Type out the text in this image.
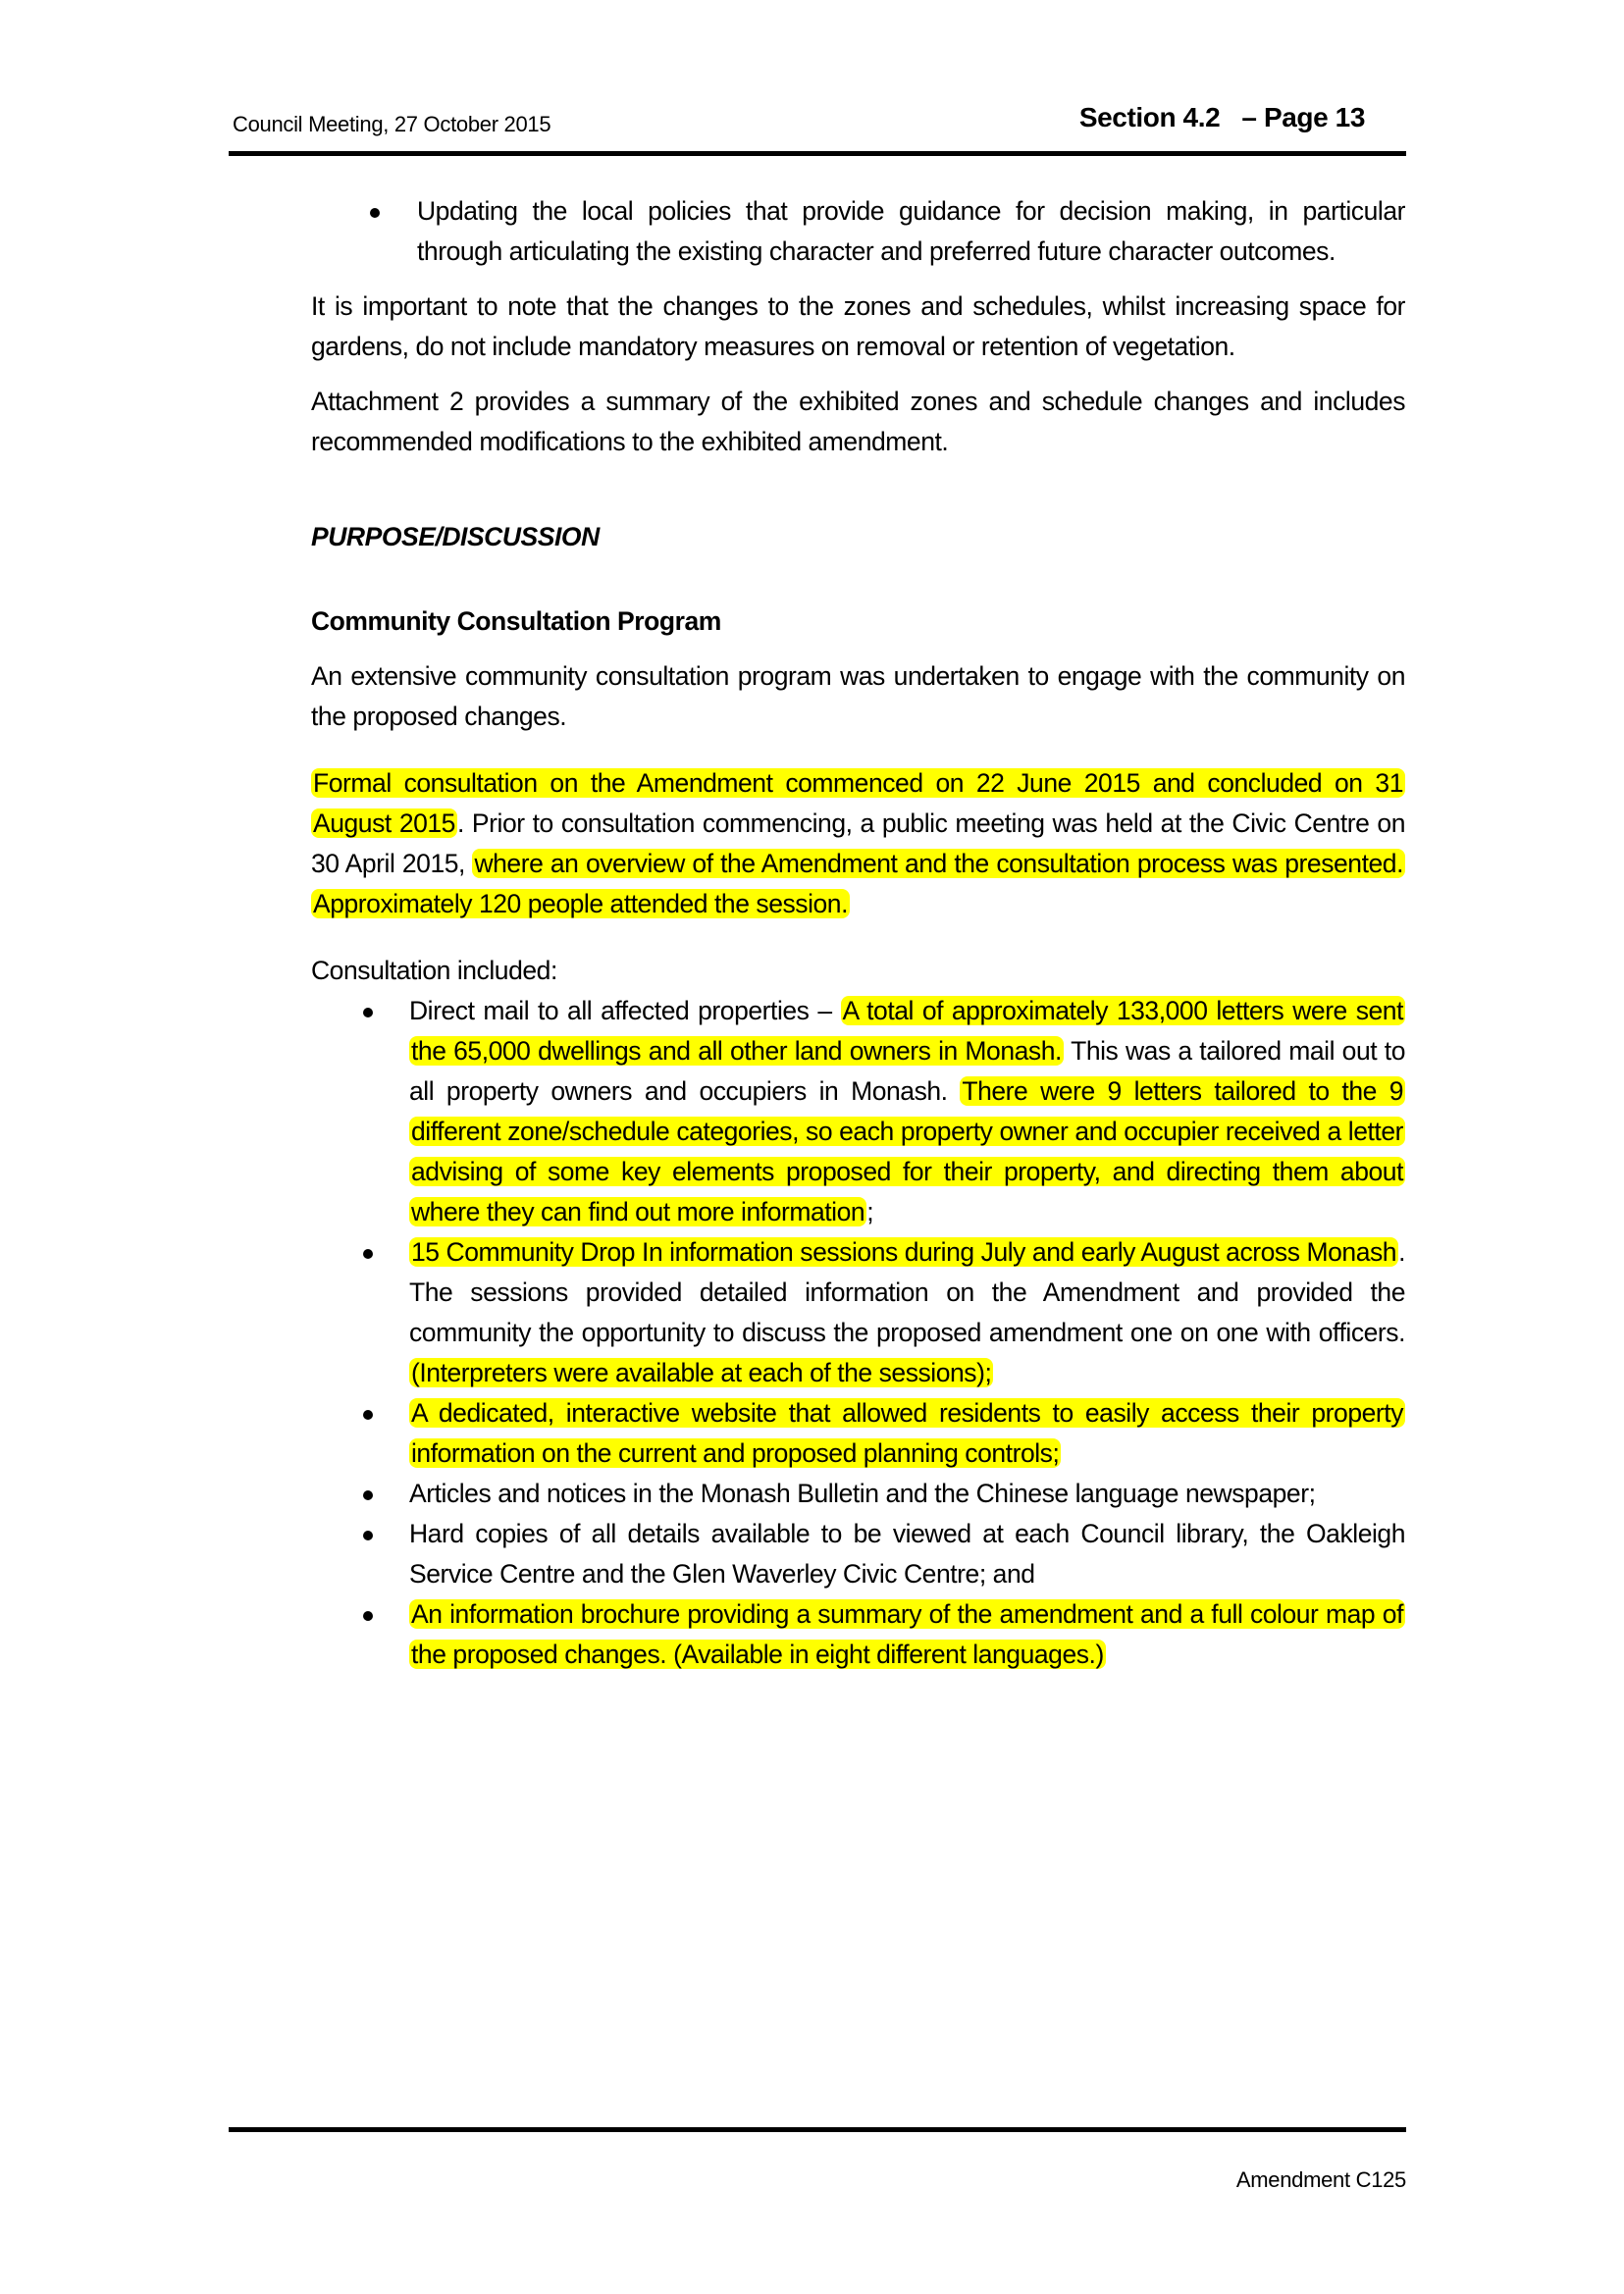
Council Meeting, 27 October 2015	Section 4.2   – Page 13
Updating the local policies that provide guidance for decision making, in particular through articulating the existing character and preferred future character outcomes.

It is important to note that the changes to the zones and schedules, whilst increasing space for gardens, do not include mandatory measures on removal or retention of vegetation.

Attachment 2 provides a summary of the exhibited zones and schedule changes and includes recommended modifications to the exhibited amendment.

PURPOSE/DISCUSSION

Community Consultation Program

An extensive community consultation program was undertaken to engage with the community on the proposed changes.

Formal consultation on the Amendment commenced on 22 June 2015 and concluded on 31 August 2015. Prior to consultation commencing, a public meeting was held at the Civic Centre on 30 April 2015, where an overview of the Amendment and the consultation process was presented. Approximately 120 people attended the session.

Consultation included:

Direct mail to all affected properties – A total of approximately 133,000 letters were sent the 65,000 dwellings and all other land owners in Monash. This was a tailored mail out to all property owners and occupiers in Monash. There were 9 letters tailored to the 9 different zone/schedule categories, so each property owner and occupier received a letter advising of some key elements proposed for their property, and directing them about where they can find out more information;
15 Community Drop In information sessions during July and early August across Monash. The sessions provided detailed information on the Amendment and provided the community the opportunity to discuss the proposed amendment one on one with officers. (Interpreters were available at each of the sessions);
A dedicated, interactive website that allowed residents to easily access their property information on the current and proposed planning controls;
Articles and notices in the Monash Bulletin and the Chinese language newspaper;
Hard copies of all details available to be viewed at each Council library, the Oakleigh Service Centre and the Glen Waverley Civic Centre; and
An information brochure providing a summary of the amendment and a full colour map of the proposed changes. (Available in eight different languages.)
Amendment C125
